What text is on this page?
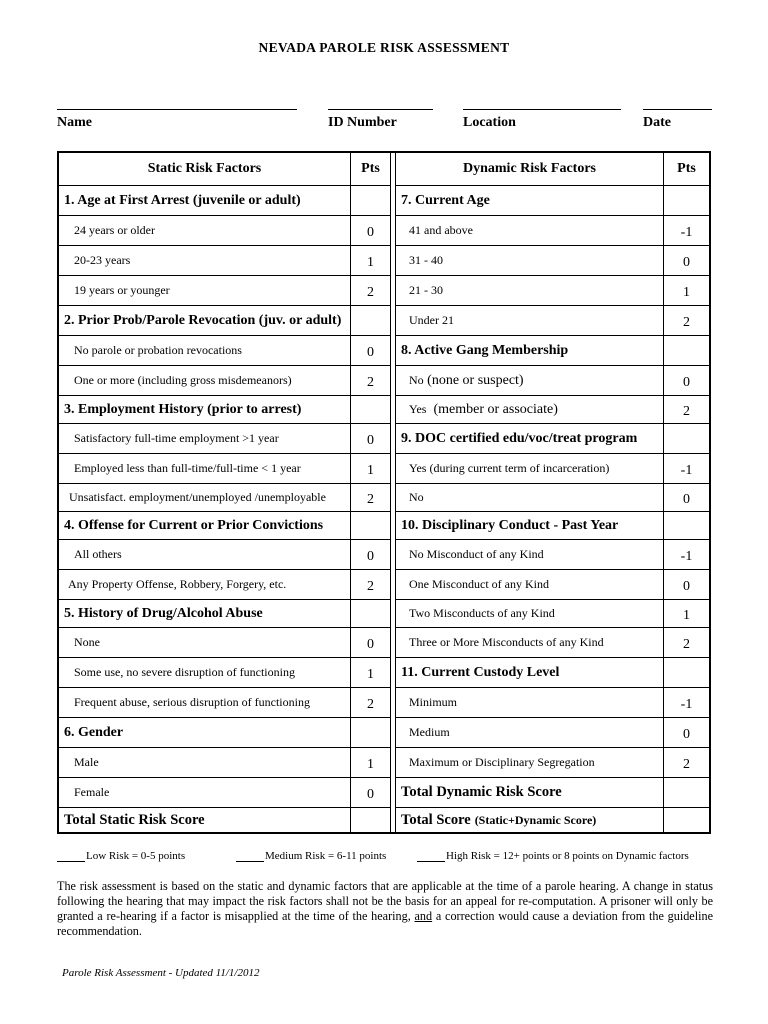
NEVADA PAROLE RISK ASSESSMENT
Name	ID Number	Location	Date
Static Risk Factors	Pts
1. Age at First Arrest (juvenile or adult)
24 years or older	0
20-23 years	1
19 years or younger	2
2. Prior Prob/Parole Revocation (juv. or adult)
No parole or probation revocations	0
One or more (including gross misdemeanors)	2
3. Employment History (prior to arrest)
Satisfactory full-time employment >1 year	0
Employed less than full-time/full-time < 1 year	1
Unsatisfact. employment/unemployed /unemployable	2
4. Offense for Current or Prior Convictions
All others	0
Any Property Offense, Robbery, Forgery, etc.	2
5. History of Drug/Alcohol Abuse
None	0
Some use, no severe disruption of functioning	1
Frequent abuse, serious disruption of functioning	2
6. Gender
Male	1
Female	0
Total Static Risk Score
Dynamic Risk Factors	Pts
7. Current Age
41 and above	-1
31 - 40	0
21 - 30	1
Under 21	2
8. Active Gang Membership
No (none or suspect)	0
Yes (member or associate)	2
9. DOC certified edu/voc/treat program
Yes (during current term of incarceration)	-1
No	0
10. Disciplinary Conduct - Past Year
No Misconduct of any Kind	-1
One Misconduct of any Kind	0
Two Misconducts of any Kind	1
Three or More Misconducts of any Kind	2
11. Current Custody Level
Minimum	-1
Medium	0
Maximum or Disciplinary Segregation	2
Total Dynamic Risk Score
Total Score (Static+Dynamic Score)
Low Risk = 0-5 points	Medium Risk = 6-11 points	High Risk = 12+ points or 8 points on Dynamic factors
The risk assessment is based on the static and dynamic factors that are applicable at the time of a parole hearing. A change in status following the hearing that may impact the risk factors shall not be the basis for an appeal for re-computation. A prisoner will only be granted a re-hearing if a factor is misapplied at the time of the hearing, and a correction would cause a deviation from the guideline recommendation.
Parole Risk Assessment - Updated 11/1/2012
